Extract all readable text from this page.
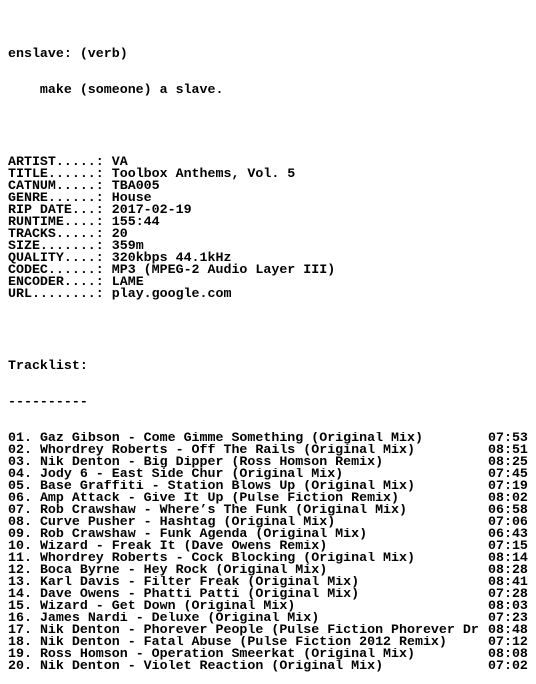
enslave: (verb)

make (someone) a slave.

ARTIST.....: VA
TITLE......: Toolbox Anthems, Vol. 5
CATNUM.....: TBA005
GENRE......: House
RIP DATE...: 2017-02-19
RUNTIME....: 155:44
TRACKS.....: 20
SIZE.......: 359m
QUALITY....: 320kbps 44.1kHz
CODEC......: MP3 (MPEG-2 Audio Layer III)
ENCODER....: LAME
URL........: play.google.com

Tracklist:

----------

01. Gaz Gibson - Come Gimme Something (Original Mix)	07:53
02. Whordrey Roberts - Off The Rails (Original Mix)	08:51
03. Nik Denton - Big Dipper (Ross Homson Remix)	08:25
04. Jody 6 - East Side Chur (Original Mix)	07:45
05. Base Graffiti - Station Blows Up (Original Mix)	07:19
06. Amp Attack - Give It Up (Pulse Fiction Remix)	08:02
07. Rob Crawshaw - Where’s The Funk (Original Mix)	06:58
08. Curve Pusher - Hashtag (Original Mix)	07:06
09. Rob Crawshaw - Funk Agenda (Original Mix)	06:43
10. Wizard - Freak It (Dave Owens Remix)	07:15
11. Whordrey Roberts - Cock Blocking (Original Mix)	08:14
12. Boca Byrne - Hey Rock (Original Mix)	08:28
13. Karl Davis - Filter Freak (Original Mix)	08:41
14. Dave Owens - Phatti Patti (Original Mix)	07:28
15. Wizard - Get Down (Original Mix)	08:03
16. James Nardi - Deluxe (Original Mix)	07:23
17. Nik Denton - Phorever People (Pulse Fiction Phorever Dr 08:48
18. Nik Denton - Fatal Abuse (Pulse Fiction 2012 Remix)	07:12
19. Ross Homson - Operation Smeerkat (Original Mix)	08:08
20. Nik Denton - Violet Reaction (Original Mix)	07:02
